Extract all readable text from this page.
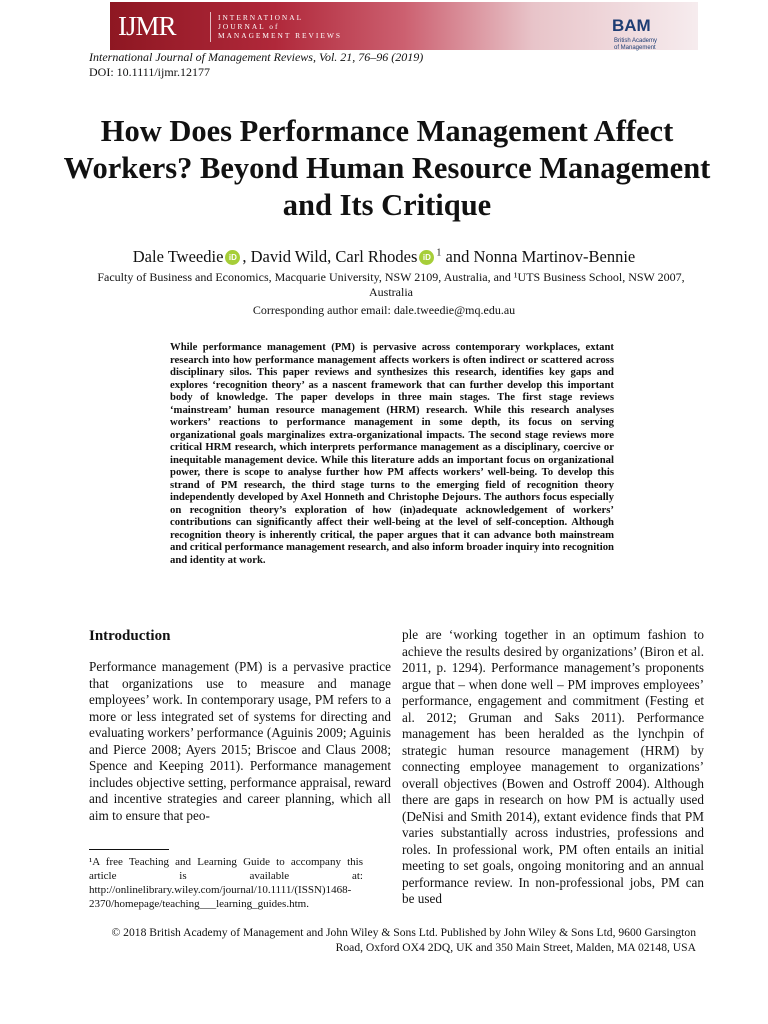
IJMR	INTERNATIONAL
JOURNAL of
MANAGEMENT REVIEWS
BAM British Academy of Management
International Journal of Management Reviews, Vol. 21, 76–96 (2019)
DOI: 10.1111/ijmr.12177
How Does Performance Management Affect Workers? Beyond Human Resource Management and Its Critique
Dale Tweedie iD , David Wild, Carl Rhodes iD $^1$ and Nonna Martinov-Bennie
Faculty of Business and Economics, Macquarie University, NSW 2109, Australia, and ¹UTS Business School, NSW 2007, Australia
Corresponding author email: dale.tweedie@mq.edu.au
While performance management (PM) is pervasive across contemporary workplaces, extant research into how performance management affects workers is often indirect or scattered across disciplinary silos. This paper reviews and synthesizes this research, identifies key gaps and explores ‘recognition theory’ as a nascent framework that can further develop this important body of knowledge. The paper develops in three main stages. The first stage reviews ‘mainstream’ human resource management (HRM) research. While this research analyses workers’ reactions to performance management in some depth, its focus on serving organizational goals marginalizes extra-organizational impacts. The second stage reviews more critical HRM research, which interprets performance management as a disciplinary, coercive or inequitable management device. While this literature adds an important focus on organizational power, there is scope to analyse further how PM affects workers’ well-being. To develop this strand of PM research, the third stage turns to the emerging field of recognition theory independently developed by Axel Honneth and Christophe Dejours. The authors focus especially on recognition theory’s exploration of how (in)adequate acknowledgement of workers’ contributions can significantly affect their well-being at the level of self-conception. Although recognition theory is inherently critical, the paper argues that it can advance both mainstream and critical performance management research, and also inform broader inquiry into recognition and identity at work.
Introduction

Performance management (PM) is a pervasive practice that organizations use to measure and manage employees’ work. In contemporary usage, PM refers to a more or less integrated set of systems for directing and evaluating workers’ performance (Aguinis 2009; Aguinis and Pierce 2008; Ayers 2015; Briscoe and Claus 2008; Spence and Keeping 2011). Performance management includes objective setting, performance appraisal, reward and incentive strategies and career planning, which all aim to ensure that peo-

ple are ‘working together in an optimum fashion to achieve the results desired by organizations’ (Biron et al. 2011, p. 1294). Performance management’s proponents argue that – when done well – PM improves employees’ performance, engagement and commitment (Festing et al. 2012; Gruman and Saks 2011). Performance management has been heralded as the lynchpin of strategic human resource management (HRM) by connecting employee management to organizations’ overall objectives (Bowen and Ostroff 2004). Although there are gaps in research on how PM is actually used (DeNisi and Smith 2014), extant evidence finds that PM varies substantially across industries, professions and roles. In professional work, PM often entails an initial meeting to set goals, ongoing monitoring and an annual performance review. In non-professional jobs, PM can be used

¹A free Teaching and Learning Guide to accompany this article is available at: http://onlinelibrary.wiley.com/journal/10.1111/(ISSN)1468-2370/homepage/teaching___learning_guides.htm.
© 2018 British Academy of Management and John Wiley & Sons Ltd. Published by John Wiley & Sons Ltd, 9600 Garsington Road, Oxford OX4 2DQ, UK and 350 Main Street, Malden, MA 02148, USA
